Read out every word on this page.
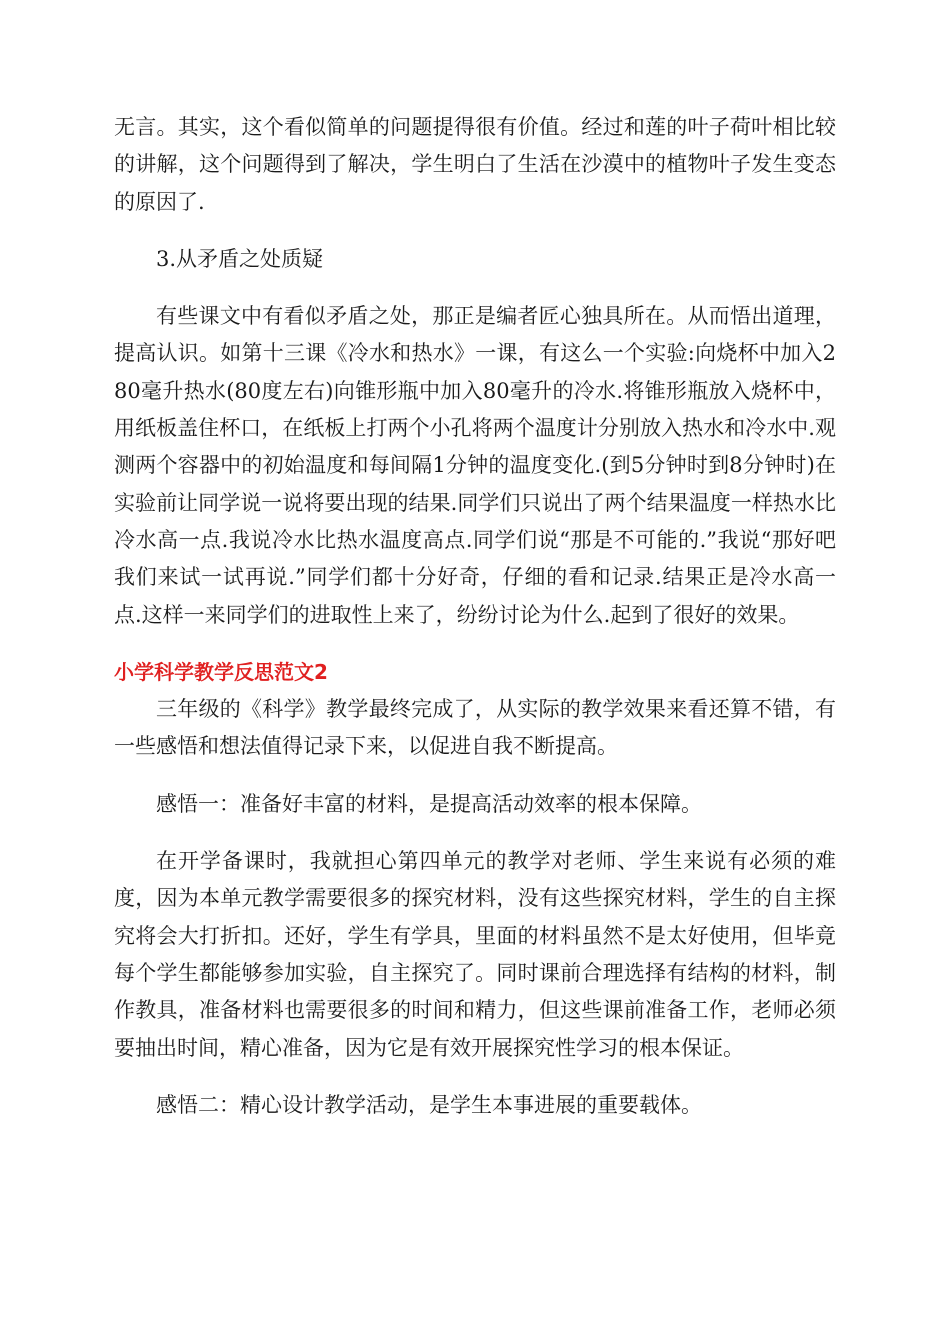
无言。其实，这个看似简单的问题提得很有价值。经过和莲的叶子荷叶相比较的讲解，这个问题得到了解决，学生明白了生活在沙漠中的植物叶子发生变态的原因了.

3.从矛盾之处质疑

有些课文中有看似矛盾之处，那正是编者匠心独具所在。从而悟出道理，提高认识。如第十三课《冷水和热水》一课，有这么一个实验:向烧杯中加入280毫升热水(80度左右)向锥形瓶中加入80毫升的冷水.将锥形瓶放入烧杯中，用纸板盖住杯口，在纸板上打两个小孔将两个温度计分别放入热水和冷水中.观测两个容器中的初始温度和每间隔1分钟的温度变化.(到5分钟时到8分钟时)在实验前让同学说一说将要出现的结果.同学们只说出了两个结果温度一样热水比冷水高一点.我说冷水比热水温度高点.同学们说“那是不可能的.”我说“那好吧我们来试一试再说.”同学们都十分好奇，仔细的看和记录.结果正是冷水高一点.这样一来同学们的进取性上来了，纷纷讨论为什么.起到了很好的效果。

小学科学教学反思范文2

三年级的《科学》教学最终完成了，从实际的教学效果来看还算不错，有一些感悟和想法值得记录下来，以促进自我不断提高。

感悟一：准备好丰富的材料，是提高活动效率的根本保障。

在开学备课时，我就担心第四单元的教学对老师、学生来说有必须的难度，因为本单元教学需要很多的探究材料，没有这些探究材料，学生的自主探究将会大打折扣。还好，学生有学具，里面的材料虽然不是太好使用，但毕竟每个学生都能够参加实验，自主探究了。同时课前合理选择有结构的材料，制作教具，准备材料也需要很多的时间和精力，但这些课前准备工作，老师必须要抽出时间，精心准备，因为它是有效开展探究性学习的根本保证。

感悟二：精心设计教学活动，是学生本事进展的重要载体。
